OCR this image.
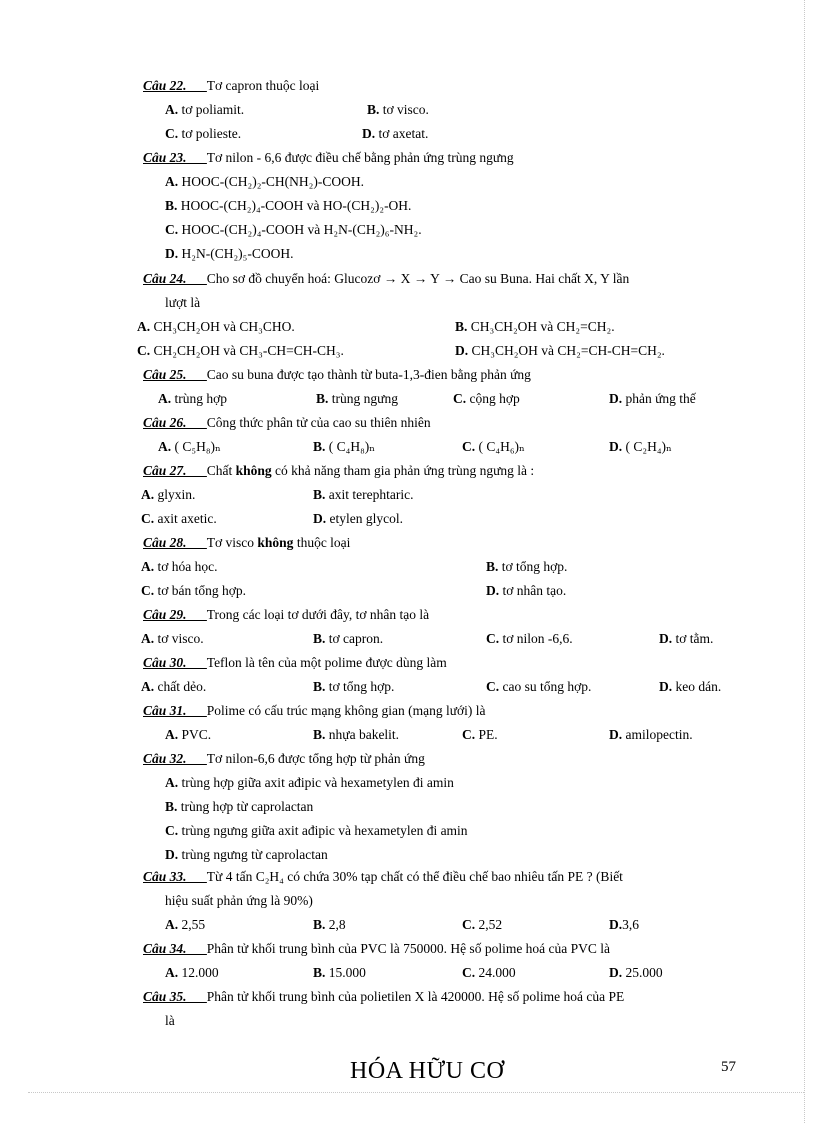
Câu 22. Tơ capron thuộc loại
A. tơ poliamit.	B. tơ visco.
C. tơ polieste.	D. tơ axetat.
Câu 23. Tơ nilon - 6,6 được điều chế bằng phản ứng trùng ngưng
A. HOOC-(CH₂)₂-CH(NH₂)-COOH.
B. HOOC-(CH₂)₄-COOH và HO-(CH₂)₂-OH.
C. HOOC-(CH₂)₄-COOH và H₂N-(CH₂)₆-NH₂.
D. H₂N-(CH₂)₅-COOH.
Câu 24. Cho sơ đồ chuyển hoá: Glucozơ → X → Y → Cao su Buna. Hai chất X, Y lần
lượt là
A. CH₃CH₂OH và CH₃CHO.	B. CH₃CH₂OH và CH₂=CH₂.
C. CH₂CH₂OH và CH₃-CH=CH-CH₃.	D. CH₃CH₂OH và CH₂=CH-CH=CH₂.
Câu 25. Cao su buna được tạo thành từ buta-1,3-đien bằng phản ứng
A. trùng hợp	B. trùng ngưng	C. cộng hợp	D. phản ứng thế
Câu 26. Công thức phân tử của cao su thiên nhiên
A. ( C₅H₈)ₙ	B. ( C₄H₈)ₙ	C. ( C₄H₆)ₙ	D. ( C₂H₄)ₙ
Câu 27. Chất không có khả năng tham gia phản ứng trùng ngưng là :
A. glyxin.	B. axit terephtaric.
C. axit axetic.	D. etylen glycol.
Câu 28. Tơ visco không thuộc loại
A. tơ hóa học.	B. tơ tổng hợp.
C. tơ bán tổng hợp.	D. tơ nhân tạo.
Câu 29. Trong các loại tơ dưới đây, tơ nhân tạo là
A. tơ visco.	B. tơ capron.	C. tơ nilon -6,6.	D. tơ tằm.
Câu 30. Teflon là tên của một polime được dùng làm
A. chất dẻo.	B. tơ tổng hợp.	C. cao su tổng hợp.	D. keo dán.
Câu 31. Polime có cấu trúc mạng không gian (mạng lưới) là
A. PVC.	B. nhựa bakelit.	C. PE.	D. amilopectin.
Câu 32. Tơ nilon-6,6 được tổng hợp từ phản ứng
A. trùng hợp giữa axit ađipic và hexametylen đi amin
B. trùng hợp từ caprolactan
C. trùng ngưng giữa axit ađipic và hexametylen đi amin
D. trùng ngưng từ caprolactan
Câu 33. Từ 4 tấn C₂H₄ có chứa 30% tạp chất có thể điều chế bao nhiêu tấn PE ? (Biết
hiệu suất phản ứng là 90%)
A. 2,55	B. 2,8	C. 2,52	D.3,6
Câu 34. Phân tử khối trung bình của PVC là 750000. Hệ số polime hoá của PVC là
A. 12.000	B. 15.000	C. 24.000	D. 25.000
Câu 35. Phân tử khối trung bình của polietilen X là 420000. Hệ số polime hoá của PE
là
HÓA HỮU CƠ	57
